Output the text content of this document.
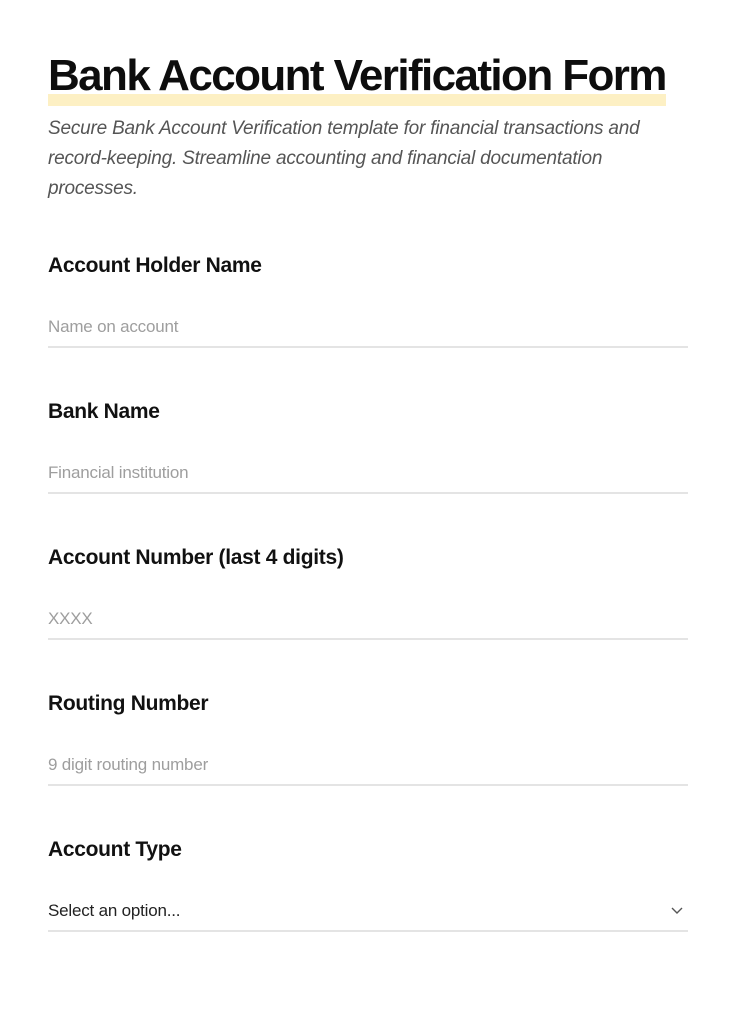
Bank Account Verification Form
Secure Bank Account Verification template for financial transactions and record-keeping. Streamline accounting and financial documentation processes.
Account Holder Name
Name on account
Bank Name
Financial institution
Account Number (last 4 digits)
XXXX
Routing Number
9 digit routing number
Account Type
Select an option...
